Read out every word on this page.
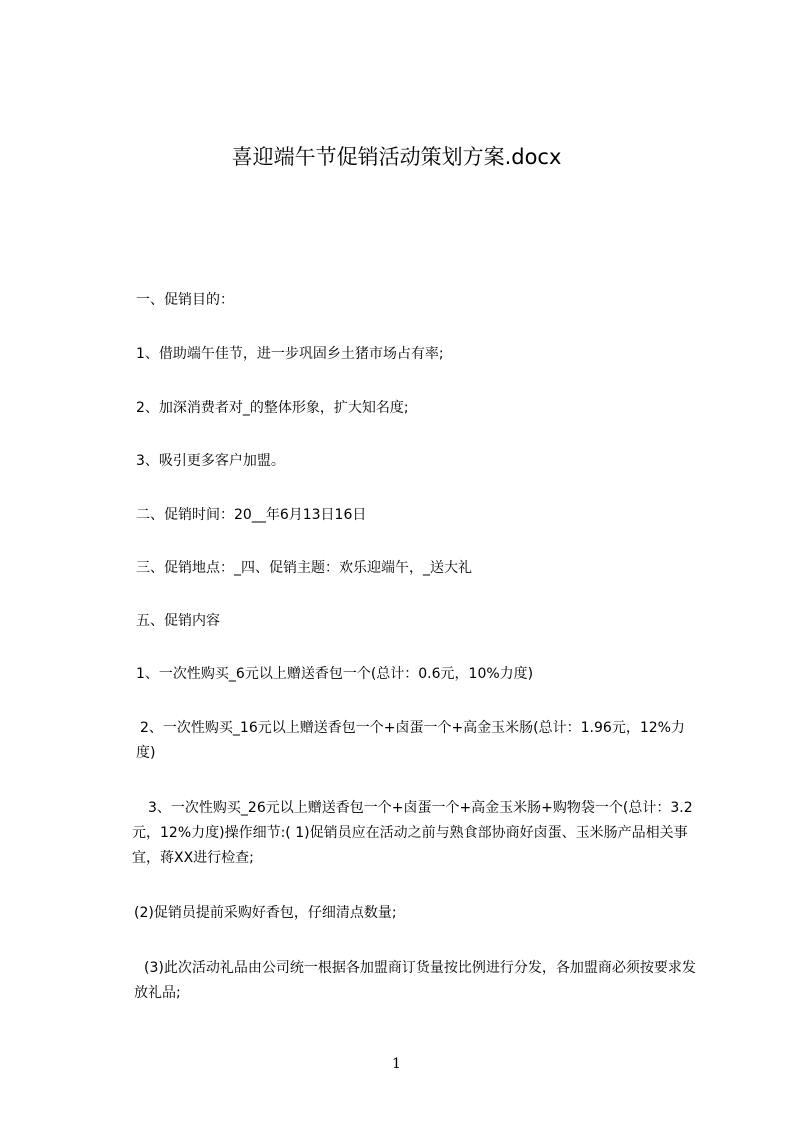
喜迎端午节促销活动策划方案.docx

一、促销目的：

1、借助端午佳节，进一步巩固乡土猪市场占有率;

2、加深消费者对_的整体形象，扩大知名度;

3、吸引更多客户加盟。

二、促销时间：20__年6月13日16日

三、促销地点：_四、促销主题：欢乐迎端午，_送大礼

五、促销内容

1、一次性购买_6元以上赠送香包一个(总计：0.6元，10%力度)

2、一次性购买_16元以上赠送香包一个+卤蛋一个+高金玉米肠(总计：1.96元，12%力度)

3、一次性购买_26元以上赠送香包一个+卤蛋一个+高金玉米肠+购物袋一个(总计：3.2元，12%力度)操作细节:( 1)促销员应在活动之前与熟食部协商好卤蛋、玉米肠产品相关事宜，蒋XX进行检查;

(2)促销员提前采购好香包，仔细清点数量;

(3)此次活动礼品由公司统一根据各加盟商订货量按比例进行分发，各加盟商必须按要求发放礼品;

1
